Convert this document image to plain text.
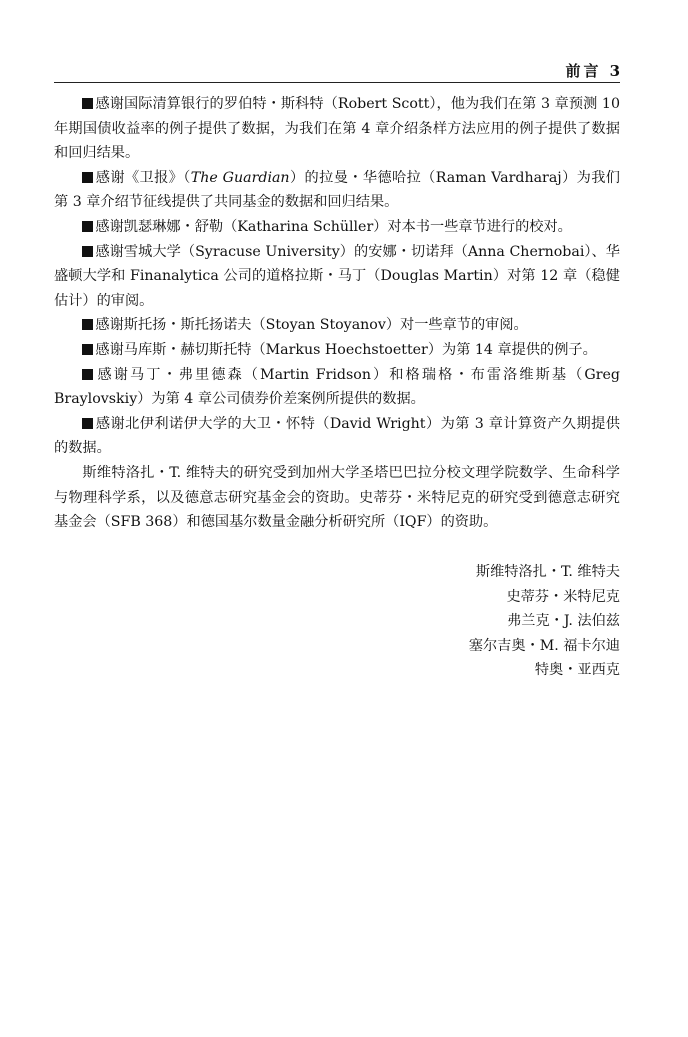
前言 3

感谢国际清算银行的罗伯特・斯科特（Robert Scott），他为我们在第 3 章预测 10 年期国债收益率的例子提供了数据，为我们在第 4 章介绍条样方法应用的例子提供了数据和回归结果。

感谢《卫报》（The Guardian）的拉曼・华德哈拉（Raman Vardharaj）为我们第 3 章介绍节征线提供了共同基金的数据和回归结果。

感谢凯瑟琳娜・舒勒（Katharina Schüller）对本书一些章节进行的校对。

感谢雪城大学（Syracuse University）的安娜・切诺拜（Anna Chernobai）、华盛顿大学和 Finanalytica 公司的道格拉斯・马丁（Douglas Martin）对第 12 章（稳健估计）的审阅。

感谢斯托扬・斯托扬诺夫（Stoyan Stoyanov）对一些章节的审阅。

感谢马库斯・赫切斯托特（Markus Hoechstoetter）为第 14 章提供的例子。

感谢马丁・弗里德森（Martin Fridson）和格瑞格・布雷洛维斯基（Greg Braylovskiy）为第 4 章公司债券价差案例所提供的数据。

感谢北伊利诺伊大学的大卫・怀特（David Wright）为第 3 章计算资产久期提供的数据。

斯维特洛扎・T. 维特夫的研究受到加州大学圣塔巴巴拉分校文理学院数学、生命科学与物理科学系，以及德意志研究基金会的资助。史蒂芬・米特尼克的研究受到德意志研究基金会（SFB 368）和德国基尔数量金融分析研究所（IQF）的资助。

斯维特洛扎・T. 维特夫
史蒂芬・米特尼克
弗兰克・J. 法伯兹
塞尔吉奥・M. 福卡尔迪
特奥・亚西克
